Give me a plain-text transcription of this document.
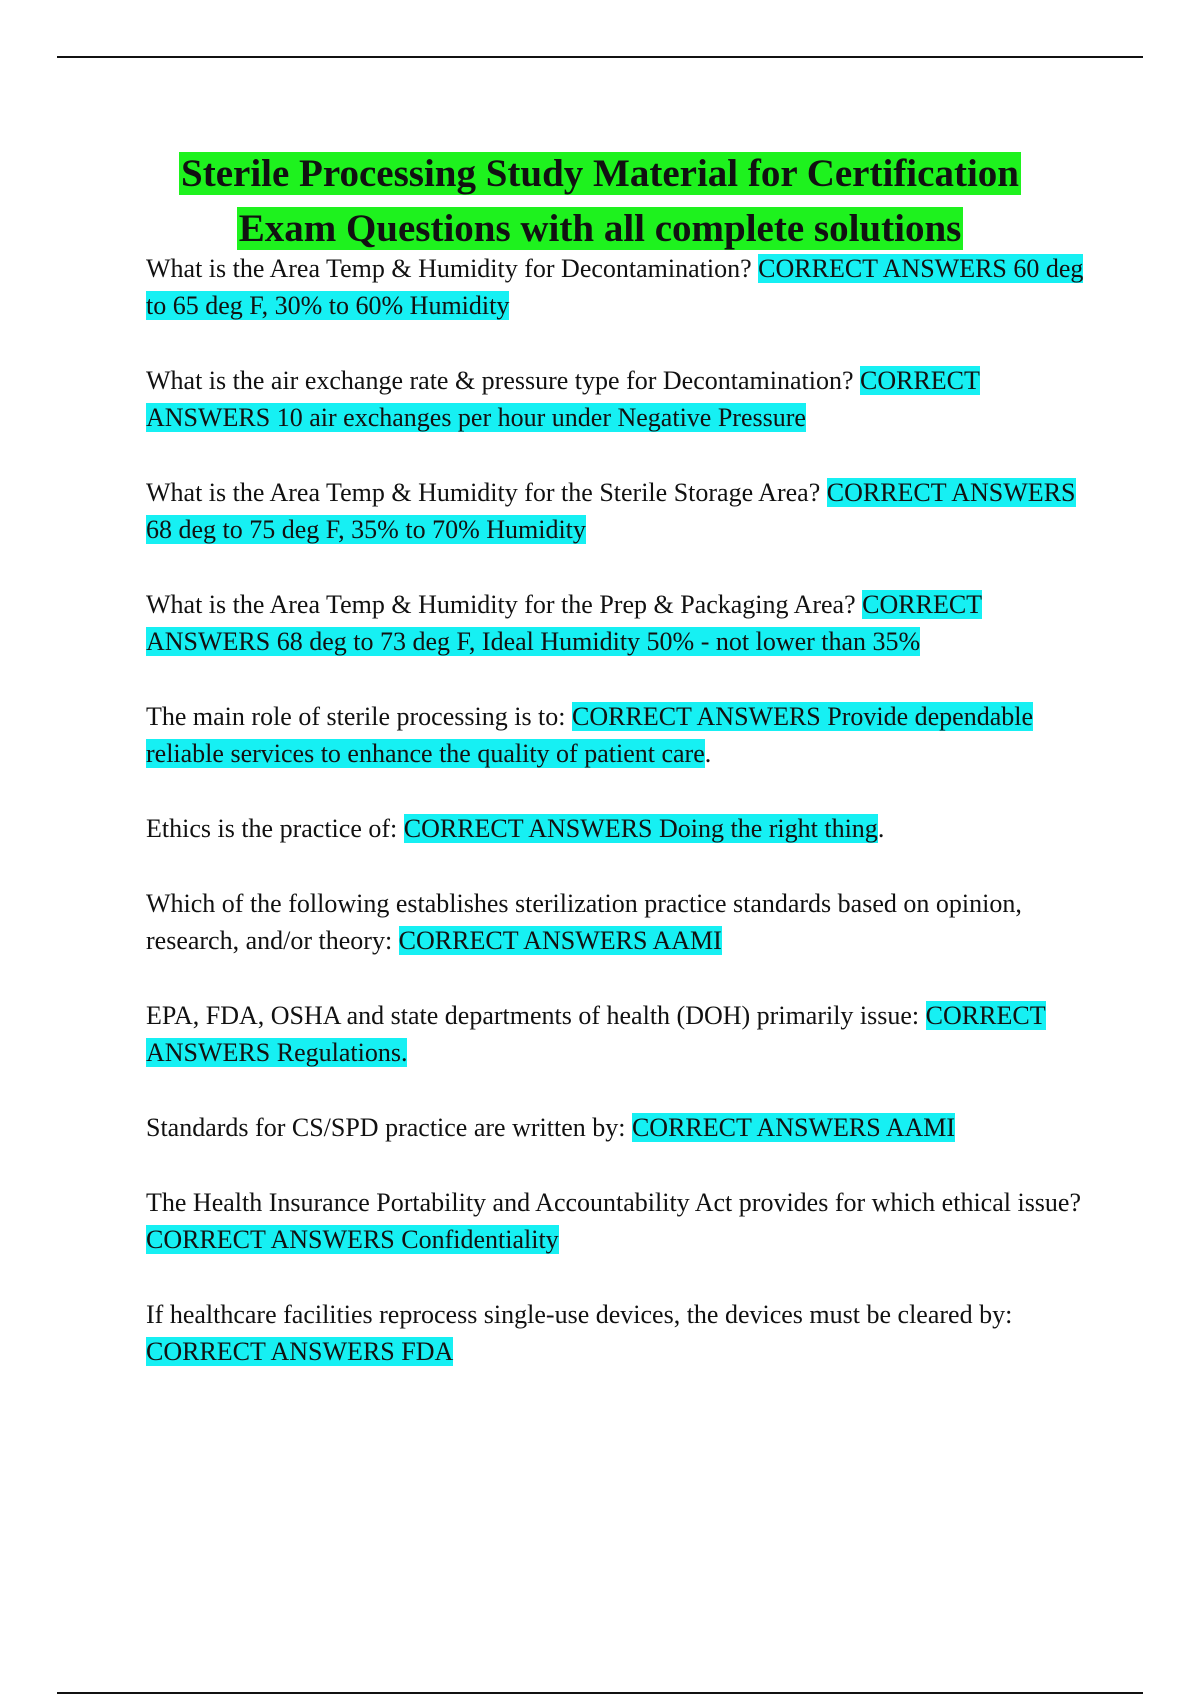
Sterile Processing Study Material for Certification
Exam Questions with all complete solutions

What is the Area Temp & Humidity for Decontamination? CORRECT ANSWERS 60 deg to 65 deg F, 30% to 60% Humidity

What is the air exchange rate & pressure type for Decontamination? CORRECT ANSWERS 10 air exchanges per hour under Negative Pressure

What is the Area Temp & Humidity for the Sterile Storage Area? CORRECT ANSWERS 68 deg to 75 deg F, 35% to 70% Humidity

What is the Area Temp & Humidity for the Prep & Packaging Area? CORRECT ANSWERS 68 deg to 73 deg F, Ideal Humidity 50% - not lower than 35%

The main role of sterile processing is to: CORRECT ANSWERS Provide dependable reliable services to enhance the quality of patient care.

Ethics is the practice of: CORRECT ANSWERS Doing the right thing.

Which of the following establishes sterilization practice standards based on opinion, research, and/or theory: CORRECT ANSWERS AAMI

EPA, FDA, OSHA and state departments of health (DOH) primarily issue: CORRECT ANSWERS Regulations.

Standards for CS/SPD practice are written by: CORRECT ANSWERS AAMI

The Health Insurance Portability and Accountability Act provides for which ethical issue? CORRECT ANSWERS Confidentiality

If healthcare facilities reprocess single-use devices, the devices must be cleared by: CORRECT ANSWERS FDA
